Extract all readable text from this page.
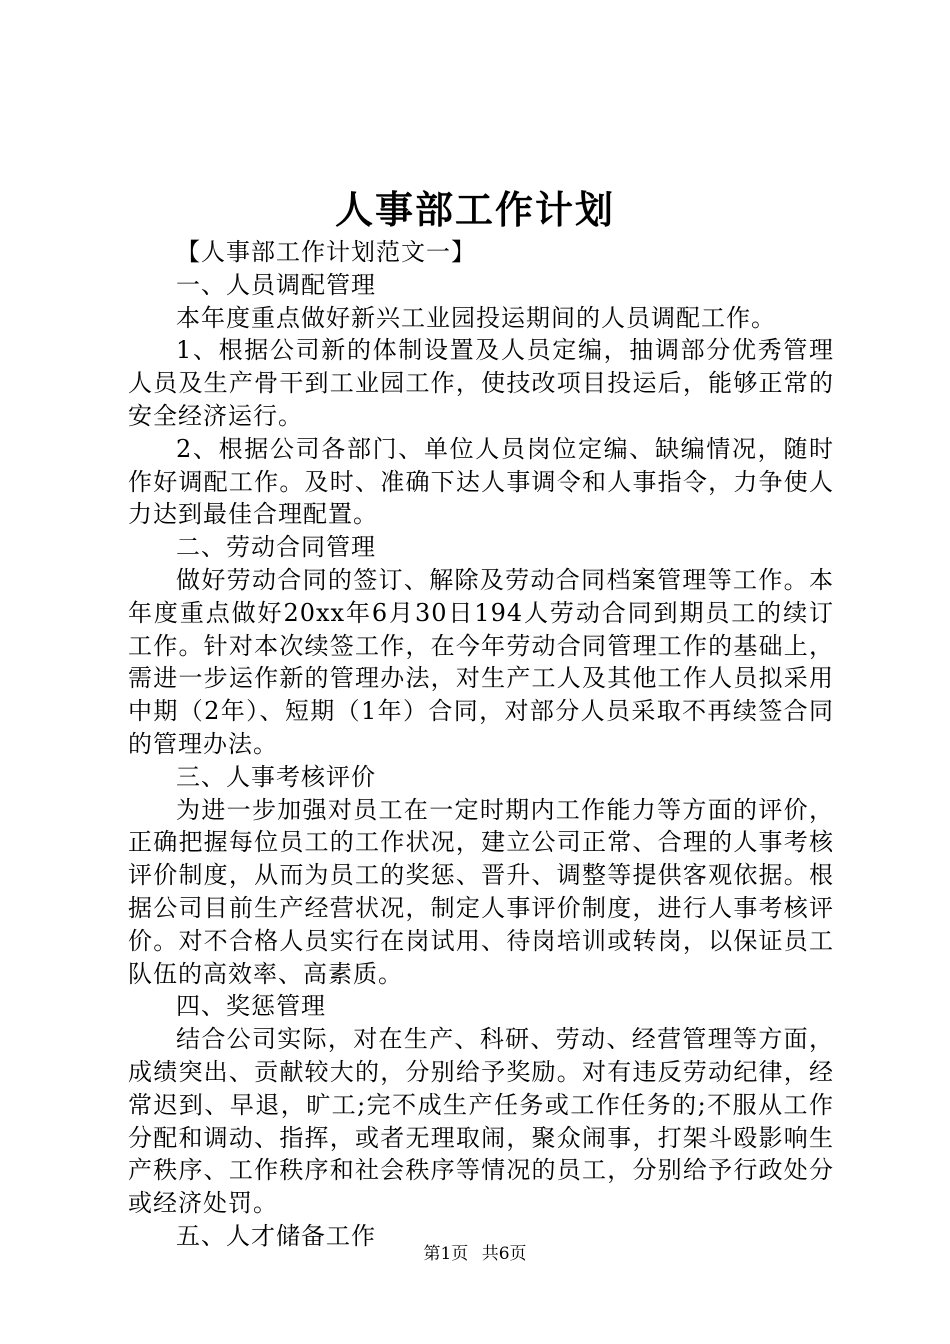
人事部工作计划

【人事部工作计划范文一】

一、人员调配管理

本年度重点做好新兴工业园投运期间的人员调配工作。

1、根据公司新的体制设置及人员定编，抽调部分优秀管理人员及生产骨干到工业园工作，使技改项目投运后，能够正常的安全经济运行。

2、根据公司各部门、单位人员岗位定编、缺编情况，随时作好调配工作。及时、准确下达人事调令和人事指令，力争使人力达到最佳合理配置。

二、劳动合同管理

做好劳动合同的签订、解除及劳动合同档案管理等工作。本年度重点做好20xx年6月30日194人劳动合同到期员工的续订工作。针对本次续签工作，在今年劳动合同管理工作的基础上，需进一步运作新的管理办法，对生产工人及其他工作人员拟采用中期（2年）、短期（1年）合同，对部分人员采取不再续签合同的管理办法。

三、人事考核评价

为进一步加强对员工在一定时期内工作能力等方面的评价，正确把握每位员工的工作状况，建立公司正常、合理的人事考核评价制度，从而为员工的奖惩、晋升、调整等提供客观依据。根据公司目前生产经营状况，制定人事评价制度，进行人事考核评价。对不合格人员实行在岗试用、待岗培训或转岗，以保证员工队伍的高效率、高素质。

四、奖惩管理

结合公司实际，对在生产、科研、劳动、经营管理等方面，成绩突出、贡献较大的，分别给予奖励。对有违反劳动纪律，经常迟到、早退，旷工;完不成生产任务或工作任务的;不服从工作分配和调动、指挥，或者无理取闹，聚众闹事，打架斗殴影响生产秩序、工作秩序和社会秩序等情况的员工，分别给予行政处分或经济处罚。

五、人才储备工作

第1页 共6页
